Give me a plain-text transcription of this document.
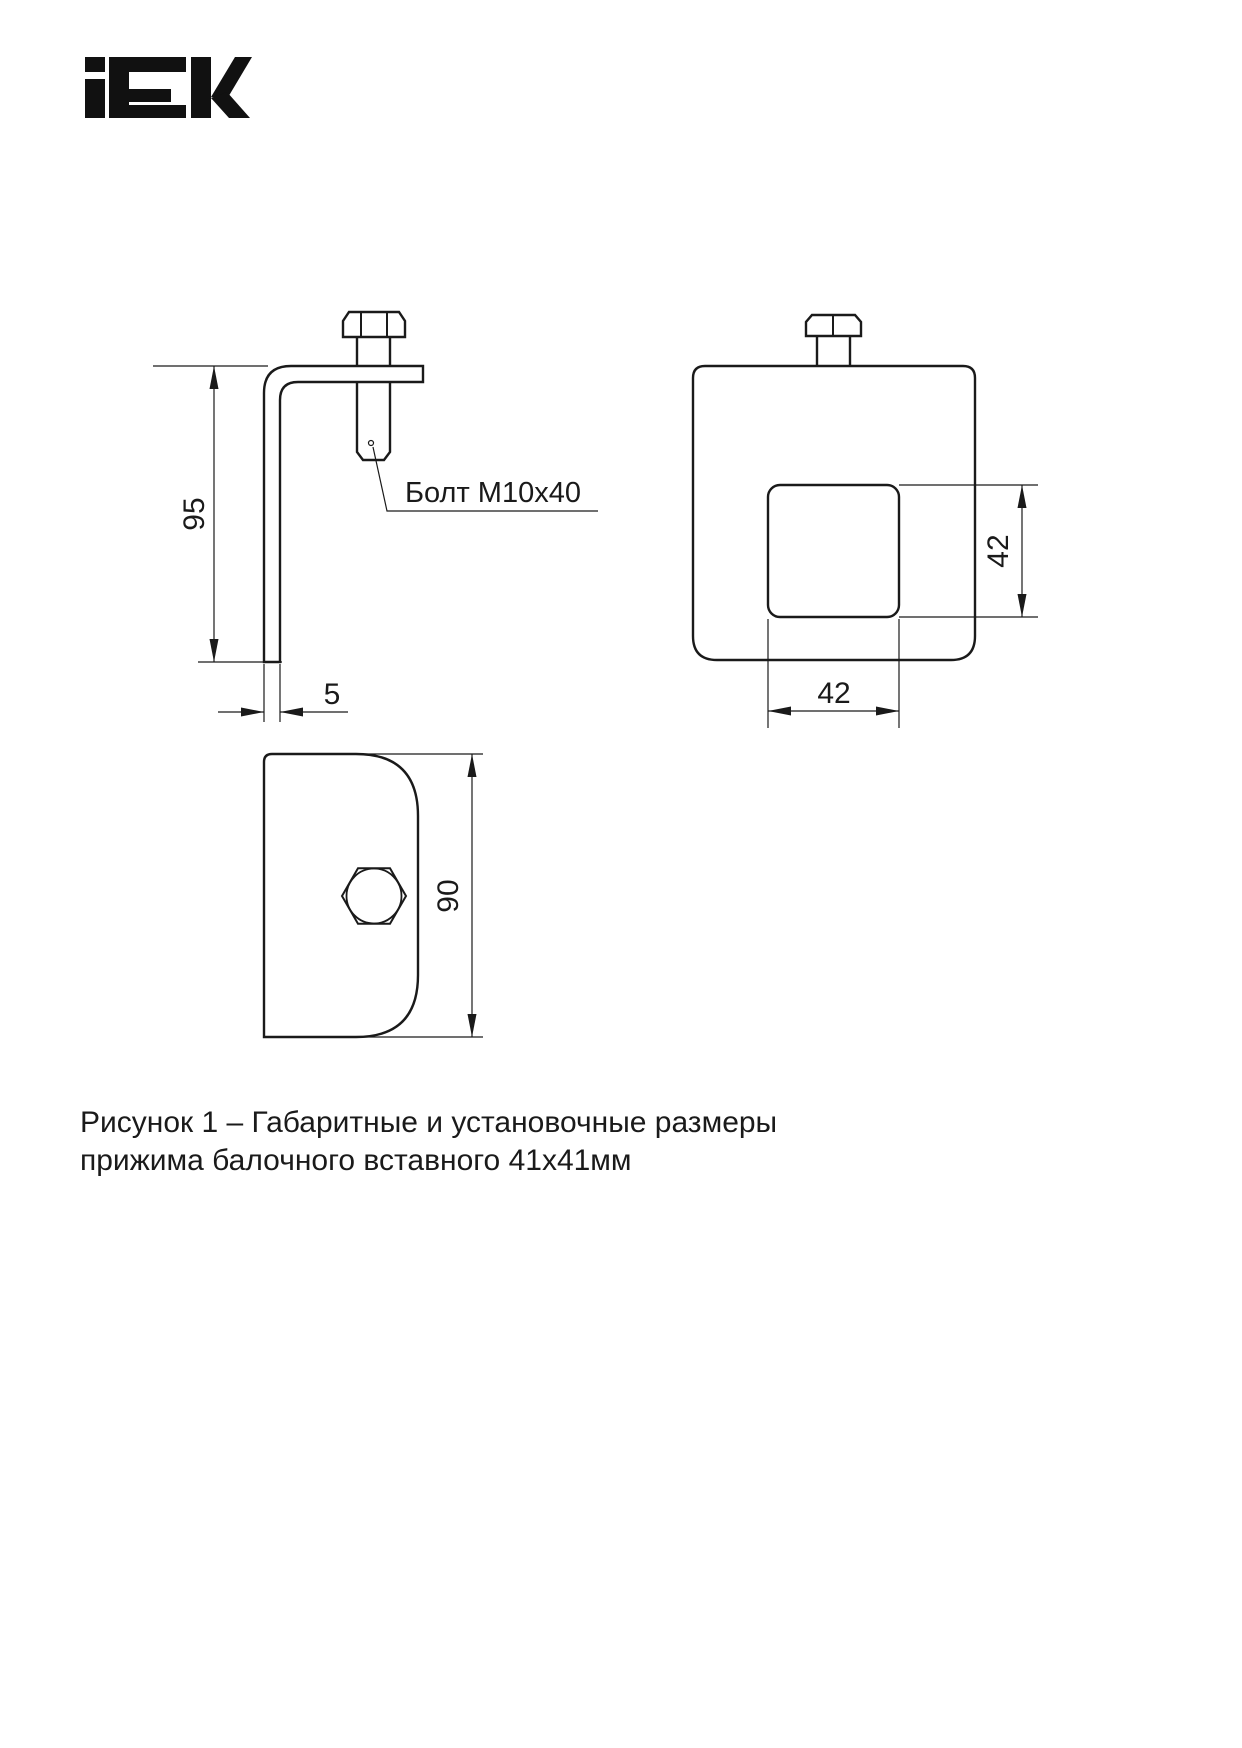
95
5
Болт М10х40
42
42
90
Рисунок 1 – Габаритные и установочные размеры
прижима балочного вставного 41х41мм
